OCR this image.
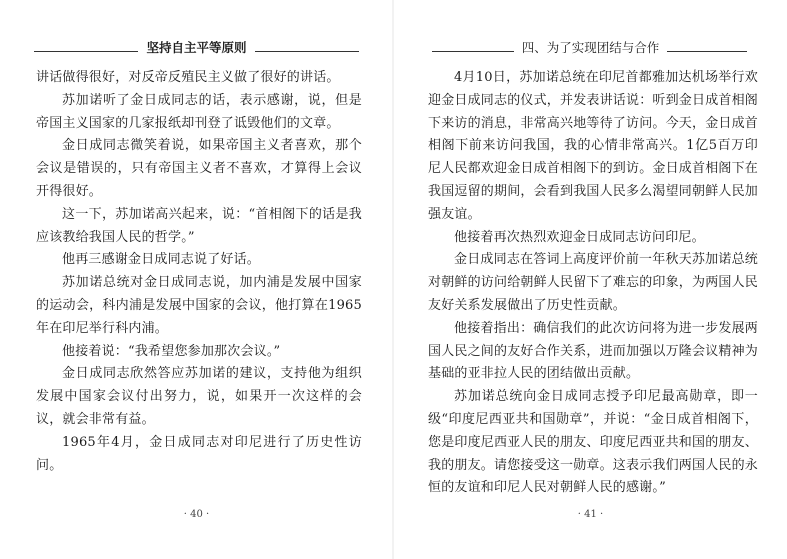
坚持自主平等原则

讲话做得很好，对反帝反殖民主义做了很好的讲话。

苏加诺听了金日成同志的话，表示感谢，说，但是帝国主义国家的几家报纸却刊登了诋毁他们的文章。

金日成同志微笑着说，如果帝国主义者喜欢，那个会议是错误的，只有帝国主义者不喜欢，才算得上会议开得很好。

这一下，苏加诺高兴起来，说：“首相阁下的话是我应该教给我国人民的哲学。”

他再三感谢金日成同志说了好话。

苏加诺总统对金日成同志说，加内浦是发展中国家的运动会，科内浦是发展中国家的会议，他打算在1965年在印尼举行科内浦。

他接着说：“我希望您参加那次会议。”

金日成同志欣然答应苏加诺的建议，支持他为组织发展中国家会议付出努力，说，如果开一次这样的会议，就会非常有益。

1965年4月，金日成同志对印尼进行了历史性访问。

· 40 ·
四、为了实现团结与合作

4月10日，苏加诺总统在印尼首都雅加达机场举行欢迎金日成同志的仪式，并发表讲话说：听到金日成首相阁下来访的消息，非常高兴地等待了访问。今天，金日成首相阁下前来访问我国，我的心情非常高兴。1亿5百万印尼人民都欢迎金日成首相阁下的到访。金日成首相阁下在我国逗留的期间，会看到我国人民多么渴望同朝鲜人民加强友谊。

他接着再次热烈欢迎金日成同志访问印尼。

金日成同志在答词上高度评价前一年秋天苏加诺总统对朝鲜的访问给朝鲜人民留下了难忘的印象，为两国人民友好关系发展做出了历史性贡献。

他接着指出：确信我们的此次访问将为进一步发展两国人民之间的友好合作关系，进而加强以万隆会议精神为基础的亚非拉人民的团结做出贡献。

苏加诺总统向金日成同志授予印尼最高勋章，即一级“印度尼西亚共和国勋章”，并说：“金日成首相阁下，您是印度尼西亚人民的朋友、印度尼西亚共和国的朋友、我的朋友。请您接受这一勋章。这表示我们两国人民的永恒的友谊和印尼人民对朝鲜人民的感谢。”

· 41 ·
